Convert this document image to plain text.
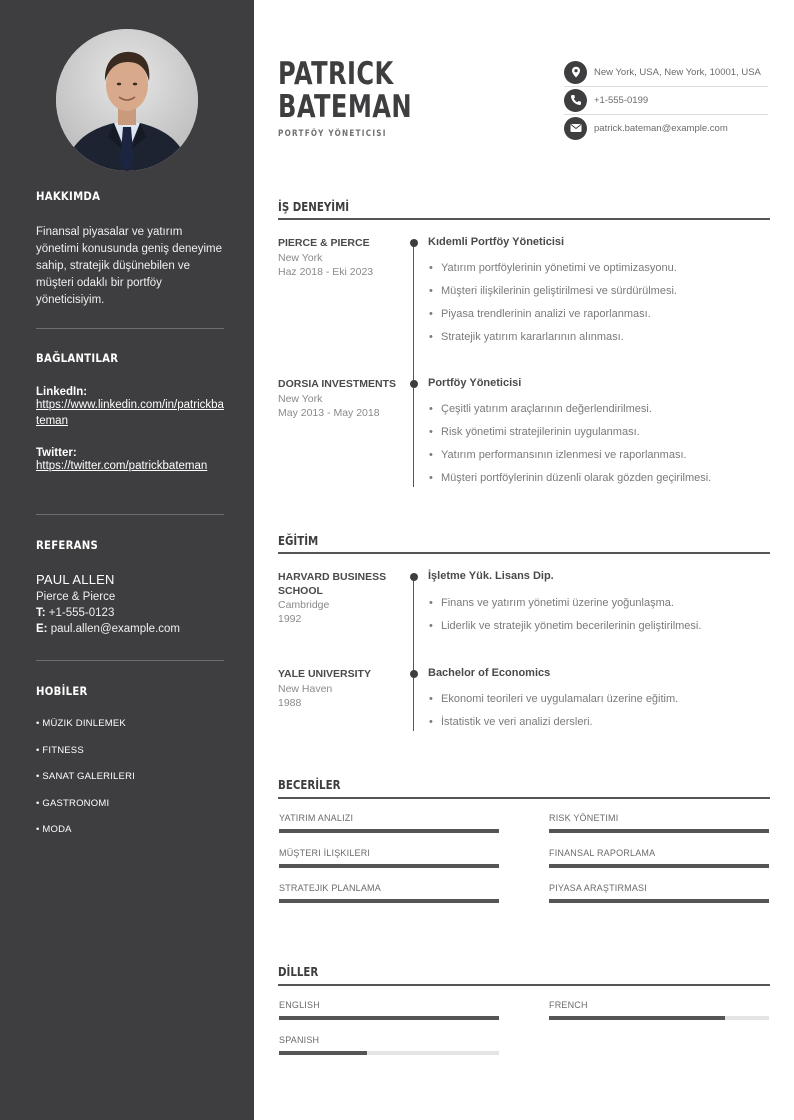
HAKKIMDA
Finansal piyasalar ve yatırım yönetimi konusunda geniş deneyime sahip, stratejik düşünebilen ve müşteri odaklı bir portföy yöneticisiyim.
BAĞLANTILAR
LinkedIn:
https://www.linkedin.com/in/patrickbateman
Twitter:
https://twitter.com/patrickbateman
REFERANS
PAUL ALLEN
Pierce & Pierce
T: +1-555-0123
E: paul.allen@example.com
HOBİLER
• MÜZIK DINLEMEK
• FITNESS
• SANAT GALERILERI
• GASTRONOMI
• MODA
PATRICK
BATEMAN
PORTFÖY YÖNETICISI
New York, USA, New York, 10001, USA
+1-555-0199
patrick.bateman@example.com
İŞ DENEYİMİ
PIERCE & PIERCE
New York
Haz 2018 - Eki 2023
Kıdemli Portföy Yöneticisi
• Yatırım portföylerinin yönetimi ve optimizasyonu.
• Müşteri ilişkilerinin geliştirilmesi ve sürdürülmesi.
• Piyasa trendlerinin analizi ve raporlanması.
• Stratejik yatırım kararlarının alınması.
DORSIA INVESTMENTS
New York
May 2013 - May 2018
Portföy Yöneticisi
• Çeşitli yatırım araçlarının değerlendirilmesi.
• Risk yönetimi stratejilerinin uygulanması.
• Yatırım performansının izlenmesi ve raporlanması.
• Müşteri portföylerinin düzenli olarak gözden geçirilmesi.
EĞİTİM
HARVARD BUSINESS SCHOOL
Cambridge
1992
İşletme Yük. Lisans Dip.
• Finans ve yatırım yönetimi üzerine yoğunlaşma.
• Liderlik ve stratejik yönetim becerilerinin geliştirilmesi.
YALE UNIVERSITY
New Haven
1988
Bachelor of Economics
• Ekonomi teorileri ve uygulamaları üzerine eğitim.
• İstatistik ve veri analizi dersleri.
BECERİLER
YATIRIM ANALIZI	RISK YÖNETIMI
MÜŞTERI İLIŞKILERI	FINANSAL RAPORLAMA
STRATEJIK PLANLAMA	PIYASA ARAŞTIRMASI
DİLLER
ENGLISH	FRENCH
SPANISH
